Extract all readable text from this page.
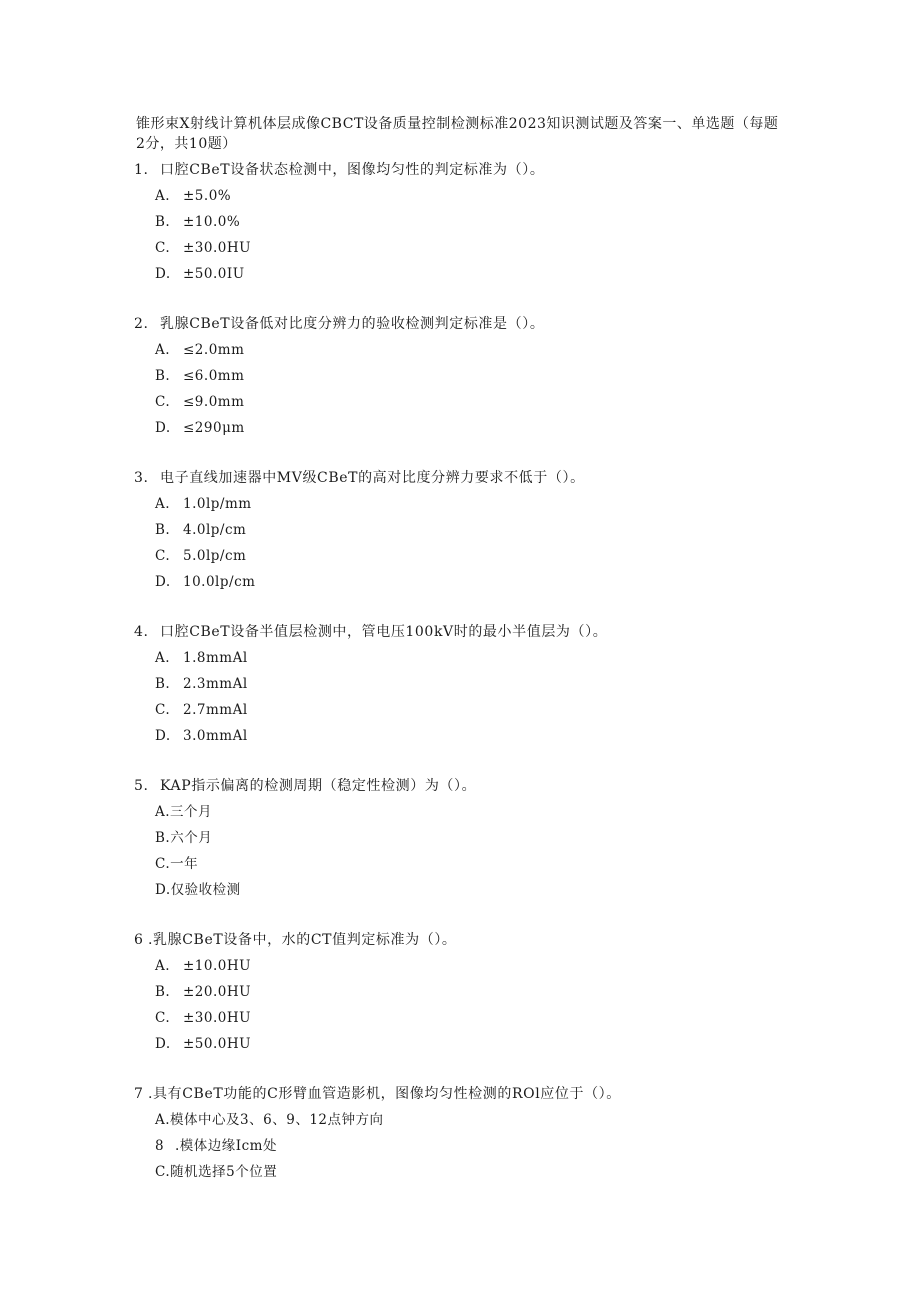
锥形束X射线计算机体层成像CBCT设备质量控制检测标准2023知识测试题及答案一、单选题（每题2分，共10题）
1. 口腔CBeT设备状态检测中，图像均匀性的判定标准为（）。
A. ±5.0%
B. ±10.0%
C. ±30.0HU
D. ±50.0IU
2. 乳腺CBeT设备低对比度分辨力的验收检测判定标准是（）。
A. ≤2.0mm
B. ≤6.0mm
C. ≤9.0mm
D. ≤290μm
3. 电子直线加速器中MV级CBeT的高对比度分辨力要求不低于（）。
A. 1.0lp/mm
B. 4.0lp/cm
C. 5.0lp/cm
D. 10.0lp/cm
4. 口腔CBeT设备半值层检测中，管电压100kV时的最小半值层为（）。
A. 1.8mmAl
B. 2.3mmAl
C. 2.7mmAl
D. 3.0mmAl
5. KAP指示偏离的检测周期（稳定性检测）为（）。
A.三个月
B.六个月
C.一年
D.仅验收检测
6 .乳腺CBeT设备中，水的CT值判定标准为（）。
A. ±10.0HU
B. ±20.0HU
C. ±30.0HU
D. ±50.0HU
7 .具有CBeT功能的C形臂血管造影机，图像均匀性检测的ROl应位于（）。
A.模体中心及3、6、9、12点钟方向
8 .模体边缘Icm处
C.随机选择5个位置
